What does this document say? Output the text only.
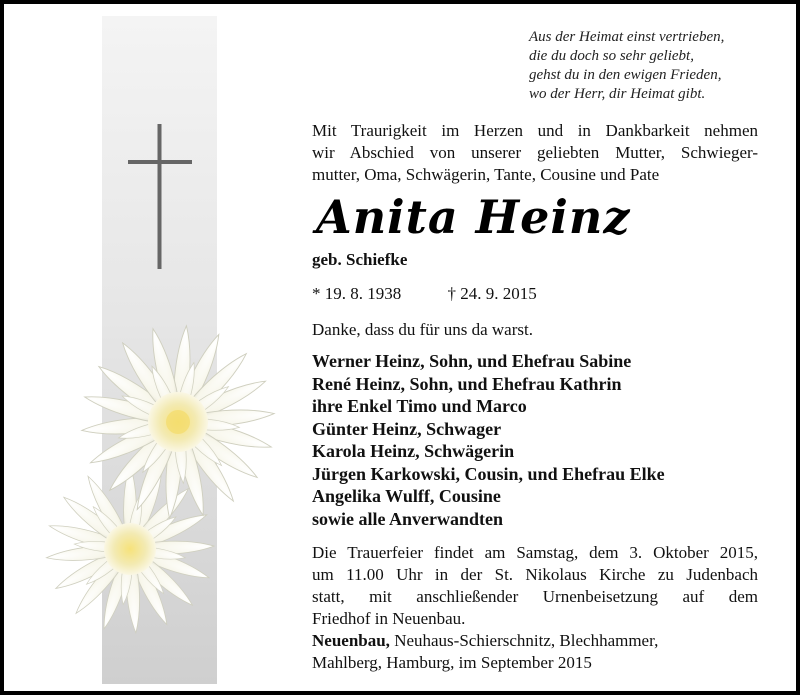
Aus der Heimat einst vertrieben,
die du doch so sehr geliebt,
gehst du in den ewigen Frieden,
wo der Herr, dir Heimat gibt.
Mit Traurigkeit im Herzen und in Dankbarkeit nehmen
wir Abschied von unserer geliebten Mutter, Schwieger-
mutter, Oma, Schwägerin, Tante, Cousine und Pate
Anita Heinz
geb. Schiefke
* 19. 8. 1938	† 24. 9. 2015
Danke, dass du für uns da warst.
Werner Heinz, Sohn, und Ehefrau Sabine
René Heinz, Sohn, und Ehefrau Kathrin
ihre Enkel Timo und Marco
Günter Heinz, Schwager
Karola Heinz, Schwägerin
Jürgen Karkowski, Cousin, und Ehefrau Elke
Angelika Wulff, Cousine
sowie alle Anverwandten
Die Trauerfeier findet am Samstag, dem 3. Oktober 2015,
um 11.00 Uhr in der St. Nikolaus Kirche zu Judenbach
statt, mit anschließender Urnenbeisetzung auf dem
Friedhof in Neuenbau.
Neuenbau, Neuhaus-Schierschnitz, Blechhammer,
Mahlberg, Hamburg, im September 2015
